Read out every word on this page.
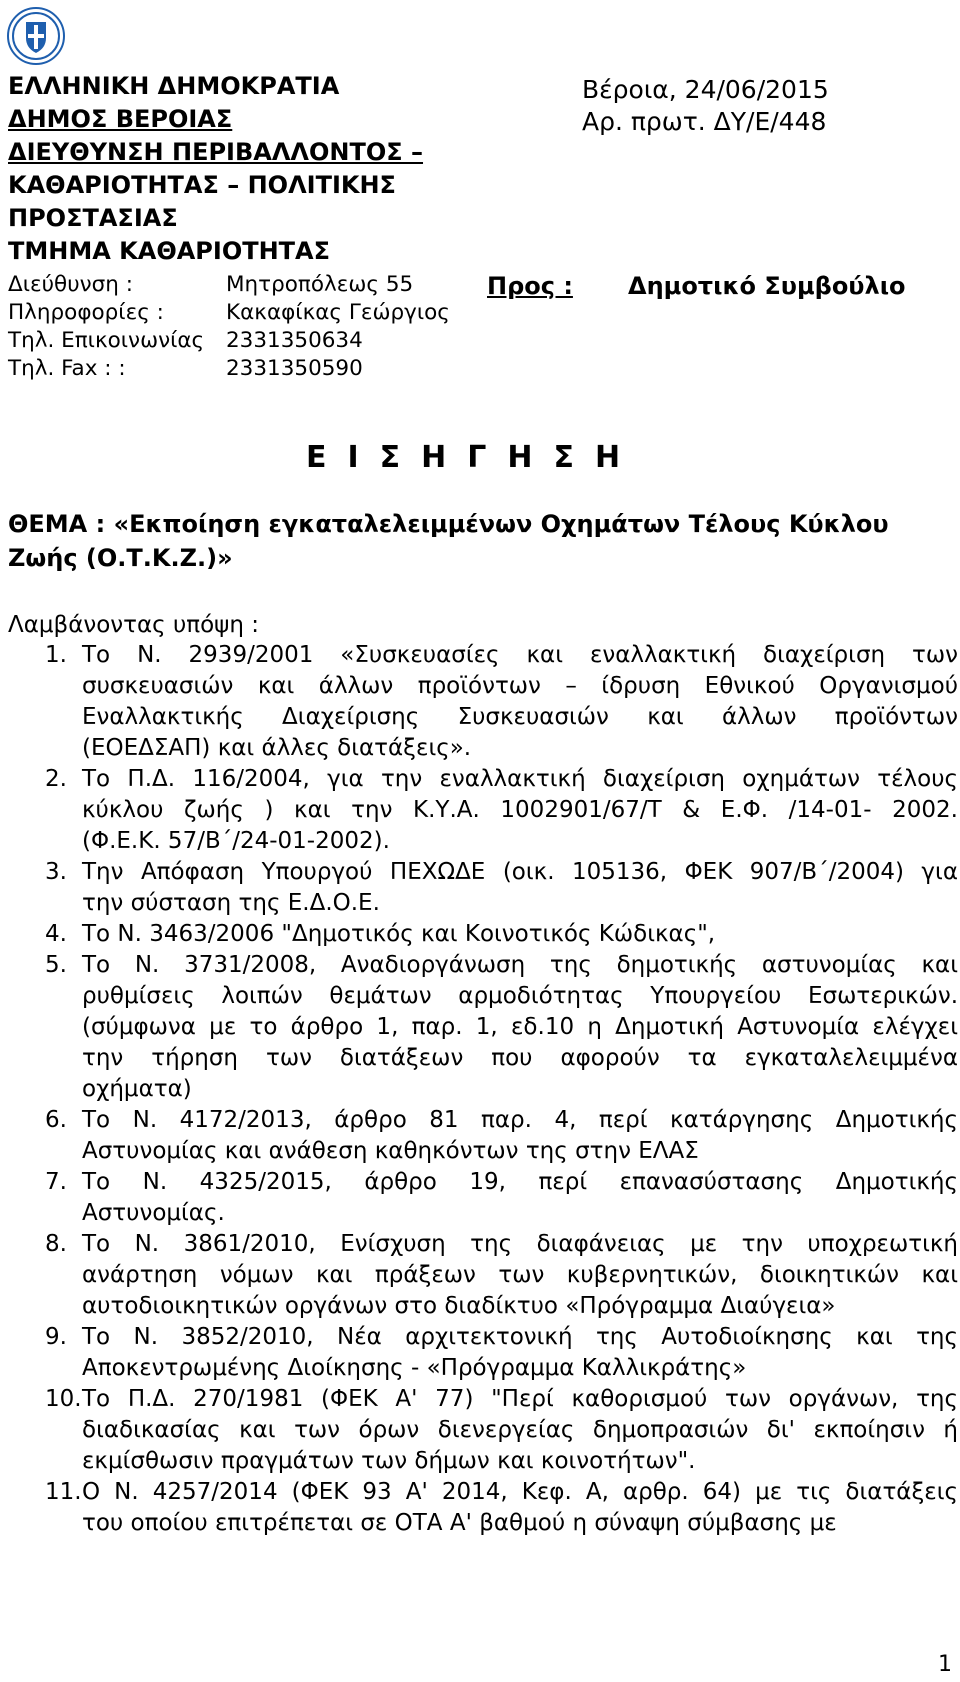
ΕΛΛΗΝΙΚΗ ΔΗΜΟΚΡΑΤΙΑ
ΔΗΜΟΣ ΒΕΡΟΙΑΣ
ΔΙΕΥΘΥΝΣΗ ΠΕΡΙΒΑΛΛΟΝΤΟΣ –
ΚΑΘΑΡΙΟΤΗΤΑΣ – ΠΟΛΙΤΙΚΗΣ
ΠΡΟΣΤΑΣΙΑΣ
ΤΜΗΜΑ ΚΑΘΑΡΙΟΤΗΤΑΣ
Διεύθυνση :	Μητροπόλεως 55
Πληροφορίες :	Κακαφίκας Γεώργιος
Τηλ. Επικοινωνίας	2331350634
Τηλ. Fax : :	2331350590
Βέροια, 24/06/2015
Αρ. πρωτ. ΔΥ/Ε/448
Προς : Δημοτικό Συμβούλιο
ΕΙΣΗΓΗΣΗ
ΘΕΜΑ : «Εκποίηση εγκαταλελειμμένων Οχημάτων Τέλους Κύκλου
Ζωής (Ο.Τ.Κ.Ζ.)»
Λαμβάνοντας υπόψη :
1. Το Ν. 2939/2001 «Συσκευασίες και εναλλακτική διαχείριση των
συσκευασιών και άλλων προϊόντων – ίδρυση Εθνικού Οργανισμού
Εναλλακτικής Διαχείρισης Συσκευασιών και άλλων προϊόντων
(ΕΟΕΔΣΑΠ) και άλλες διατάξεις».
2. Το Π.Δ. 116/2004, για την εναλλακτική διαχείριση οχημάτων τέλους
κύκλου ζωής ) και την Κ.Υ.Α. 1002901/67/Τ & Ε.Φ. /14-01- 2002.
(Φ.Ε.Κ. 57/Β΄/24-01-2002).
3. Την Απόφαση Υπουργού ΠΕΧΩΔΕ (οικ. 105136, ΦΕΚ 907/Β΄/2004) για
την σύσταση της Ε.Δ.Ο.Ε.
4. Το Ν. 3463/2006 "Δημοτικός και Κοινοτικός Κώδικας",
5. Το Ν. 3731/2008, Αναδιοργάνωση της δημοτικής αστυνομίας και
ρυθμίσεις λοιπών θεμάτων αρμοδιότητας Υπουργείου Εσωτερικών.
(σύμφωνα με το άρθρο 1, παρ. 1, εδ.10 η Δημοτική Αστυνομία ελέγχει
την τήρηση των διατάξεων που αφορούν τα εγκαταλελειμμένα
οχήματα)
6. Το Ν. 4172/2013, άρθρο 81 παρ. 4, περί κατάργησης Δημοτικής
Αστυνομίας και ανάθεση καθηκόντων της στην ΕΛΑΣ
7. Το Ν. 4325/2015, άρθρο 19, περί επανασύστασης Δημοτικής
Αστυνομίας.
8. Το Ν. 3861/2010, Ενίσχυση της διαφάνειας με την υποχρεωτική
ανάρτηση νόμων και πράξεων των κυβερνητικών, διοικητικών και
αυτοδιοικητικών οργάνων στο διαδίκτυο «Πρόγραμμα Διαύγεια»
9. Το Ν. 3852/2010, Νέα αρχιτεκτονική της Αυτοδιοίκησης και της
Αποκεντρωμένης Διοίκησης - «Πρόγραμμα Καλλικράτης»
10. Το Π.Δ. 270/1981 (ΦΕΚ Α' 77) "Περί καθορισμού των οργάνων, της
διαδικασίας και των όρων διενεργείας δημοπρασιών δι' εκποίησιν ή
εκμίσθωσιν πραγμάτων των δήμων και κοινοτήτων".
11. Ο Ν. 4257/2014 (ΦΕΚ 93 Α' 2014, Κεφ. Α, αρθρ. 64) με τις διατάξεις
του οποίου επιτρέπεται σε ΟΤΑ Α' βαθμού η σύναψη σύμβασης με
1
